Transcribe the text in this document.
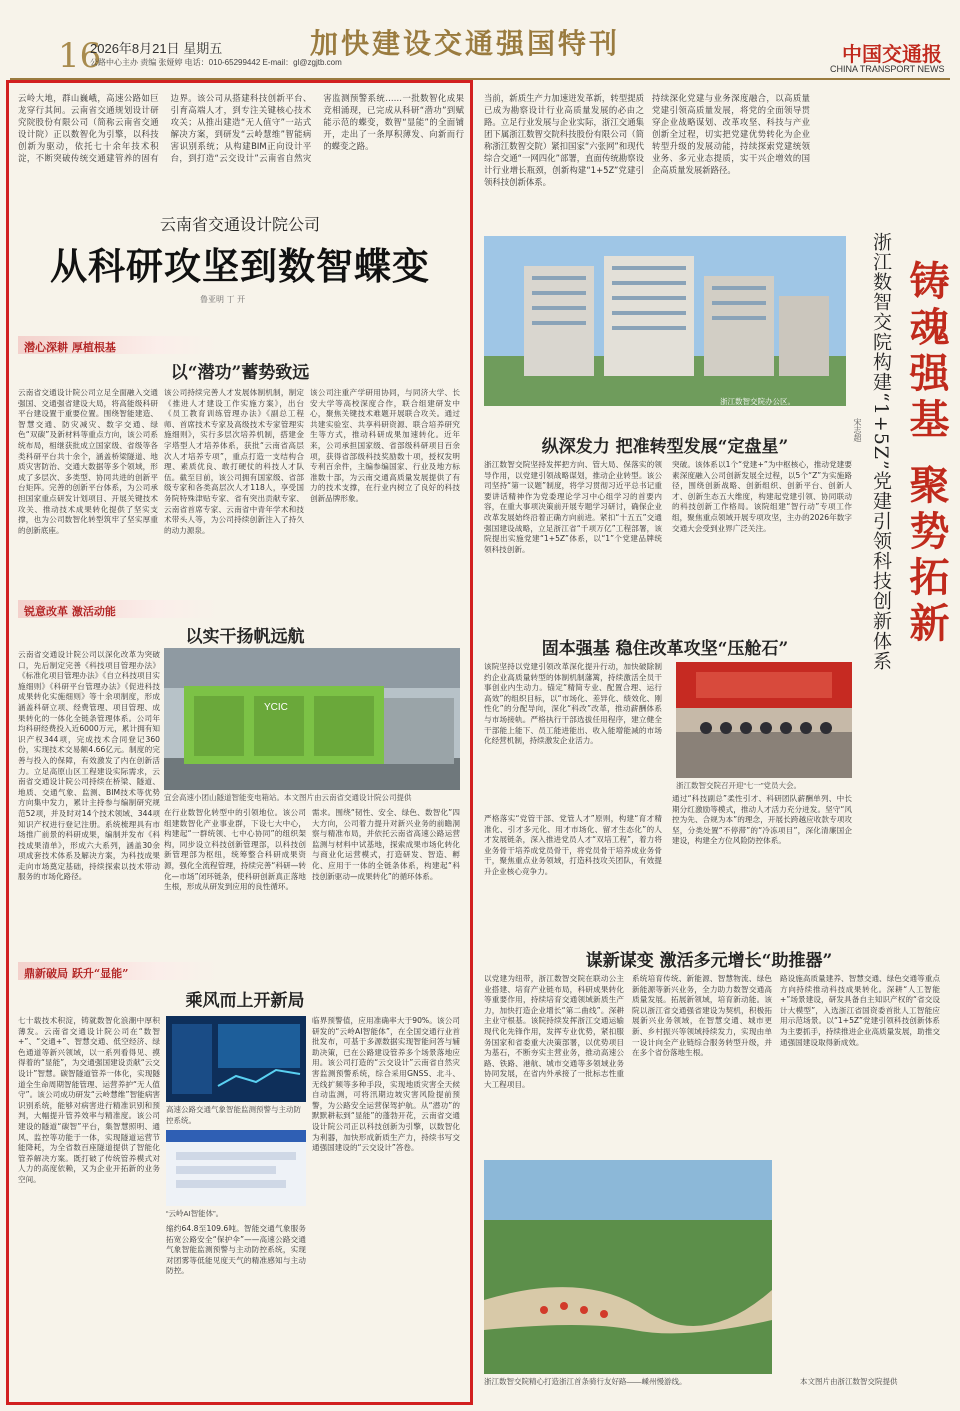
16
2026年8月21日 星期五
公路中心主办 责编 张娅婷 电话：010-65299442 E-mail：gl@zgjtb.com
加快建设交通强国特刊	中国交通报
CHINA TRANSPORT NEWS
云岭大地，群山巍峨，高速公路如巨龙穿行其间。云南省交通规划设计研究院股份有限公司（简称云南省交通设计院）正以数智化为引擎，以科技创新为驱动，依托七十余年技术积淀，不断突破传统交通建管养的固有边界。该公司从搭建科技创新平台、引育高端人才，到专注关键核心技术攻关；从推出建造“无人值守”一站式解决方案，到研发“云岭慧维”智能病害识别系统；从构建BIM正向设计平台，到打造“云交设计”云南省自然灾害监测预警系统……一批数智化成果竞相涌现，已完成从科研“潜功”到赋能示范的蝶变，数智“显能”的全面铺开，走出了一条厚积薄发、向新而行的蝶变之路。
云南省交通设计院公司
从科研攻坚到数智蝶变
鲁亚明 丁 开
潜心深耕 厚植根基
以“潜功”蓄势致远
云南省交通设计院公司立足全面融入交通强国、交通强省建设大局，将高能级科研平台建设置于重要位置。围绕智能建造、智慧交通、防灾减灾、数字交通、绿色“双碳”及新材料等重点方向，该公司系统布局，相继获批成立国家级、省级等各类科研平台共十余个，涵盖桥梁隧道、地质灾害防治、交通大数据等多个领域，形成了多层次、多类型、协同共进的创新平台矩阵。完善的创新平台体系，为公司承担国家重点研发计划项目、开展关键技术攻关、推动技术成果转化提供了坚实支撑，也为公司数智化转型筑牢了坚实厚重的创新底座。
该公司持续完善人才发展体制机制，制定《推进人才建设工作实施方案》，出台《员工教育训练管理办法》《副总工程师、首席技术专家及高级技术专家管理实施细则》，实行多层次培养机制，搭建金字塔型人才培养体系，获批“云南省高层次人才培养专项”，重点打造一支结构合理、素质优良、敢打硬仗的科技人才队伍。截至目前，该公司拥有国家级、省部级专家和各类高层次人才118人，享受国务院特殊津贴专家、省有突出贡献专家、云南省首席专家、云南省中青年学术和技术带头人等，为公司持续创新注入了持久的动力源泉。
该公司注重产学研用协同，与同济大学、长安大学等高校深度合作，联合组建研发中心，聚焦关键技术难题开展联合攻关。通过共建实验室、共享科研资源、联合培养研究生等方式，推动科研成果加速转化。近年来，公司承担国家级、省部级科研项目百余项，获得省部级科技奖励数十项，授权发明专利百余件，主编参编国家、行业及地方标准数十部，为云南交通高质量发展提供了有力的技术支撑，在行业内树立了良好的科技创新品牌形象。
锐意改革 激活动能
以实干扬帆远航
云南省交通设计院公司以深化改革为突破口，先后制定完善《科技项目管理办法》《标准化项目管理办法》《自立科技项目实施细则》《科研平台管理办法》《促进科技成果转化实施细则》等十余项制度，形成涵盖科研立项、经费管理、项目管理、成果转化的一体化全链条管理体系。公司年均科研经费投入近6000万元，累计拥有知识产权344项，完成技术合同登记360份，实现技术交易额4.66亿元。制度的完善与投入的保障，有效激发了内在创新活力。立足高原山区工程建设实际需求，云南省交通设计院公司持续在桥梁、隧道、地质、交通气象、监测、BIM技术等优势方向集中发力，累计主持参与编制研究规范52项，并及时对14个技术领域、344项知识产权进行登记注册。系统梳理具有市场推广前景的科研成果，编制并发布《科技成果清单》，形成六大系列，涵盖30余项成套技术体系及解决方案，为科技成果走向市场奠定基础，持续探索以技术带动服务的市场化路径。
YCIC
宜会高速小团山隧道智能变电箱站。本文图片由云南省交通设计院公司提供
在行业数智化转型中的引领地位。该公司组建数智化产业事业群，下设七大中心，构建起“一群统领、七中心协同”的组织架构，同步设立科技创新管理部，以科技创新管理部为枢纽，统筹整合科研成果资源，强化全流程管理，持续完善“科研—转化—市场”闭环链条，使科研创新真正落地生根，形成从研发到应用的良性循环。
需求。围绕“韧性、安全、绿色、数智化”四大方向，公司着力提升对新兴业务的前瞻洞察与精准布局，并依托云南省高速公路运营监测与材料中试基地，探索成果市场化转化与商业化运营模式，打造研发、智造、孵化、应用于一体的全链条体系，构建起“科技创新驱动—成果转化”的循环体系。
鼎新破局 跃升“显能”
乘风而上开新局
七十载技术积淀，铸就数智化浪潮中厚积薄发。云南省交通设计院公司在“数智+”、“交通+”、智慧交通、低空经济、绿色通道等新兴领域，以一系列看得见、摸得着的“显能”，为交通强国建设贡献“云交设计”智慧。碳智隧道管养一体化，实现隧道全生命周期智能管理、运营养护“无人值守”。该公司成功研发“云岭慧维”智能病害识别系统，能够对病害进行精准识别和预判，大幅提升管养效率与精准度。该公司建设的隧道“碳智”平台，集智慧照明、通风、监控等功能于一体，实现隧道运营节能降耗，为全省数百座隧道提供了智能化管养解决方案。既打破了传统管养模式对人力的高度依赖，又为企业开拓新的业务空间。
高速公路交通气象智能监测预警与主动防控系统。
“云岭AI智能体”。
缩约64.8至109.6吨。智能交通气象服务拓宽公路安全“保护伞”——高速公路交通气象智能监测预警与主动防控系统，实现对团雾等低能见度天气的精准感知与主动防控。
临界预警值，应用准确率大于90%。该公司研发的“云岭AI智能体”，在全国交通行业首批发布，可基于多源数据实现智能问答与辅助决策，已在公路建设管养多个场景落地应用。该公司打造的“云交设计”云南省自然灾害监测预警系统，综合采用GNSS、北斗、无线扩频等多种手段，实现地质灾害全天候自动监测，可将汛期边坡灾害风险提前预警，为公路安全运营保驾护航。从“潜功”的默默耕耘到“显能”的蓬勃开花，云南省交通设计院公司正以科技创新为引擎，以数智化为利器，加快形成新质生产力，持续书写交通强国建设的“云交设计”答卷。
当前，新质生产力加速迸发革新，转型提质已成为勘察设计行业高质量发展的必由之路。立足行业发展与企业实际，浙江交通集团下属浙江数智交院科技股份有限公司（简称浙江数智交院）紧扣国家“六张网”和现代综合交通“一网四化”部署，直面传统勘察设计行业增长瓶颈，创新构建“1+5Z”党建引领科技创新体系。
持续深化党建与业务深度融合，以高质量党建引领高质量发展，将党的全面领导贯穿企业战略谋划、改革攻坚、科技与产业创新全过程，切实把党建优势转化为企业转型升级的发展动能，持续探索党建统领业务、多元业态提质，实干兴企增效的国企高质量发展新路径。
铸魂强基 聚势拓新
浙江数智交院构建“1+5Z”党建引领科技创新体系
宋志超
浙江数智交院办公区。
纵深发力 把准转型发展“定盘星”
浙江数智交院坚持发挥把方向、管大局、保落实的领导作用，以党建引领战略谋划，推动企业转型。该公司坚持“第一议题”制度，将学习贯彻习近平总书记重要讲话精神作为党委理论学习中心组学习的首要内容，在重大事项决策前开展专题学习研讨，确保企业改革发展始终沿着正确方向前进。紧扣“十五五”交通强国建设战略，立足浙江省“千项万亿”工程部署，该院提出实施党建“1+5Z”体系，以“1”个党建品牌统领科技创新。
突破。该体系以1个“党建+”为中枢核心，推动党建要素深度融入公司创新发展全过程，以5个“Z”为实施路径，围绕创新战略、创新组织、创新平台、创新人才、创新生态五大维度，构建起党建引领、协同联动的科技创新工作格局。该院组建“智行动”专项工作组，聚焦重点领域开展专项攻坚，主办的2026年数字交通大会受到业界广泛关注。
固本强基 稳住改革攻坚“压舱石”
该院坚持以党建引领改革深化提升行动，加快破除制约企业高质量转型的体制机制藩篱，持续激活全员干事创业内生动力。锚定“精简专业、配置合理、运行高效”的组织目标，以“市场化、差异化、绩效化、刚性化”的分配导向，深化“科改”改革，推动薪酬体系与市场接轨。严格执行干部选拔任用程序，建立健全干部能上能下、员工能进能出、收入能增能减的市场化经营机制，持续激发企业活力。
浙江数智交院召开迎“七一”党员大会。
严格落实“党管干部、党管人才”原则，构建“育才精准化、引才多元化、用才市场化、留才生态化”的人才发展链条，深入推进党员人才“双培工程”，着力将业务骨干培养成党员骨干，将党员骨干培养成业务骨干，聚焦重点业务领域，打造科技攻关团队，有效提升企业核心竞争力。
通过“科技副总”柔性引才、科研团队薪酬单列、中长期分红激励等模式，推动人才活力充分迸发。坚守“风控为先、合规为本”的理念，开展长跨越应收款专项攻坚，分类处置“不停滞”的“冷冻项目”，深化清廉国企建设，构建全方位风险防控体系。
谋新谋变 激活多元增长“助推器”
以党建为纽带，浙江数智交院在联动公主业搭建、培育产业链布局，科研成果转化等重要作用，持续培育交通领域新质生产力，加快打造企业增长“第二曲线”。深耕主业守根基。该院持续发挥浙江交通运输现代化先锋作用，发挥专业优势，紧扣服务国家和省委重大决策部署，以优势项目为基石，不断夯实主营业务，推动高速公路、铁路、港航、城市交通等多领域业务协同发展，在省内外承接了一批标志性重大工程项目。
系统培育传统、新能源、智慧物流、绿色新能源等新兴业务，全力助力数智交通高质量发展。拓展新领域，培育新动能。该院以浙江省交通强省建设为契机，积极拓展新兴业务领域，在智慧交通、城市更新、乡村振兴等领域持续发力，实现由单一设计向全产业链综合服务转型升级，并在多个省份落地生根。
路设施高质量建养、智慧交通、绿色交通等重点方向持续推动科技成果转化。深耕“人工智能+”场景建设，研发具备自主知识产权的“省交设计大模型”，入选浙江省国资委首批人工智能应用示范场景。以“1+5Z”党建引领科技创新体系为主要抓手，持续推进企业高质量发展，助推交通强国建设取得新成效。
浙江数智交院精心打造浙江首条骑行友好路——嵊州慢游线。	本文图片由浙江数智交院提供
